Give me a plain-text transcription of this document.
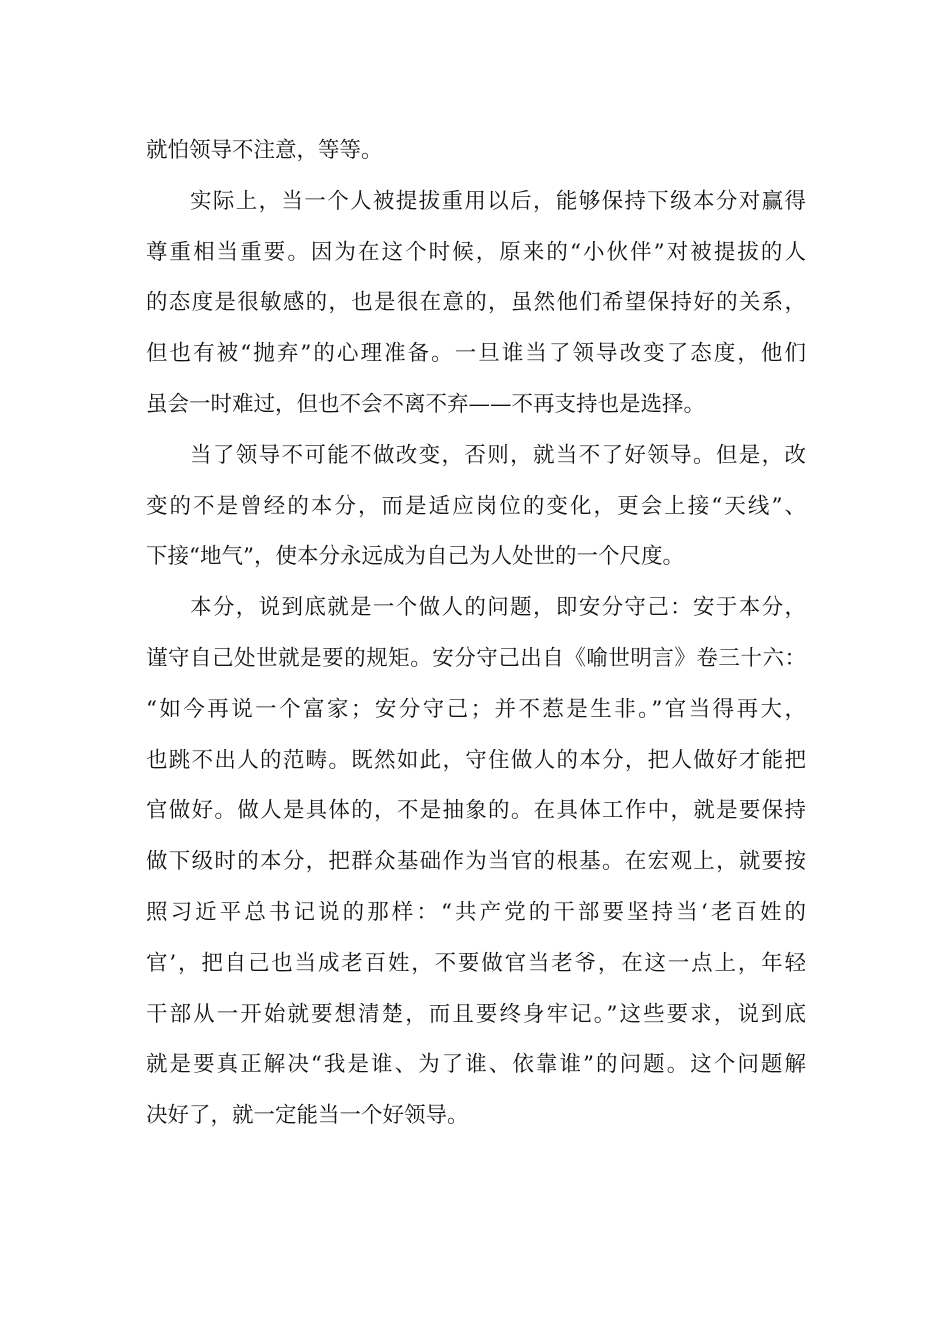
就怕领导不注意，等等。
实际上，当一个人被提拔重用以后，能够保持下级本分对赢得
尊重相当重要。因为在这个时候，原来的“小伙伴”对被提拔的人
的态度是很敏感的，也是很在意的，虽然他们希望保持好的关系，
但也有被“抛弃”的心理准备。一旦谁当了领导改变了态度，他们
虽会一时难过，但也不会不离不弃——不再支持也是选择。
当了领导不可能不做改变，否则，就当不了好领导。但是，改
变的不是曾经的本分，而是适应岗位的变化，更会上接“天线”、
下接“地气”，使本分永远成为自己为人处世的一个尺度。
本分，说到底就是一个做人的问题，即安分守己：安于本分，
谨守自己处世就是要的规矩。安分守己出自《喻世明言》卷三十六：
“如今再说一个富家；安分守己；并不惹是生非。”官当得再大，
也跳不出人的范畴。既然如此，守住做人的本分，把人做好才能把
官做好。做人是具体的，不是抽象的。在具体工作中，就是要保持
做下级时的本分，把群众基础作为当官的根基。在宏观上，就要按
照习近平总书记说的那样：“共产党的干部要坚持当‘老百姓的
官’，把自己也当成老百姓，不要做官当老爷，在这一点上，年轻
干部从一开始就要想清楚，而且要终身牢记。”这些要求，说到底
就是要真正解决“我是谁、为了谁、依靠谁”的问题。这个问题解
决好了，就一定能当一个好领导。
